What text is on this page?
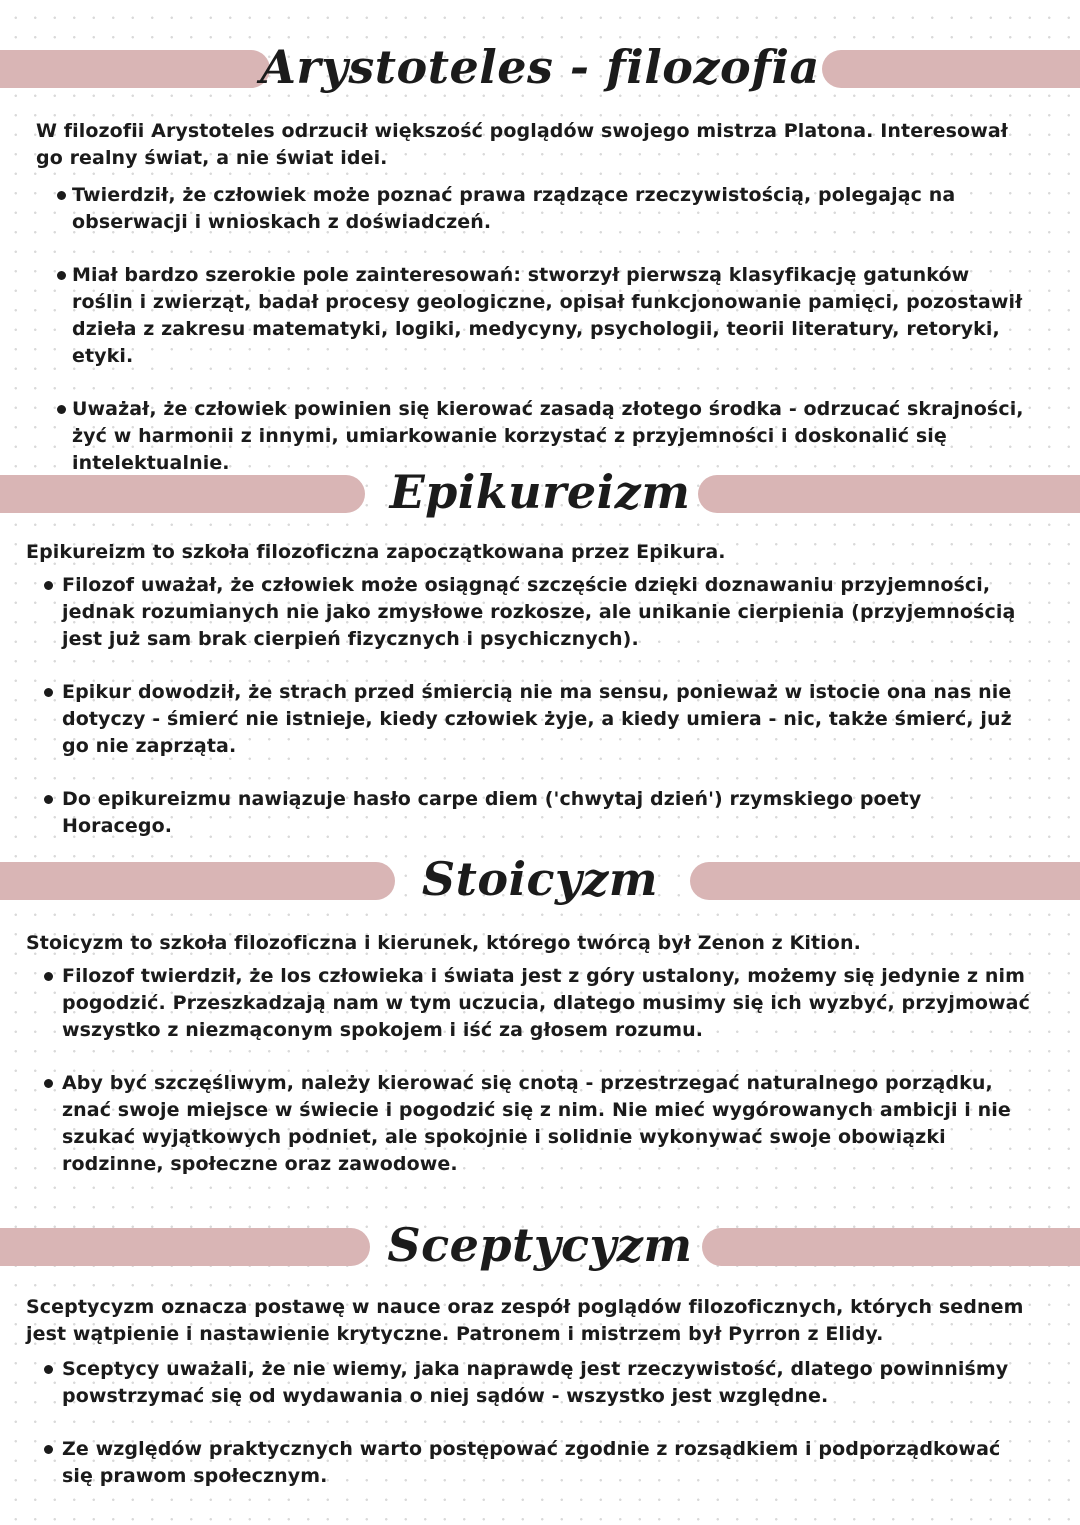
Arystoteles - filozofia

W filozofii Arystoteles odrzucił większość poglądów swojego mistrza Platona. Interesował go realny świat, a nie świat idei.

Twierdził, że człowiek może poznać prawa rządzące rzeczywistością, polegając na obserwacji i wnioskach z doświadczeń.
Miał bardzo szerokie pole zainteresowań: stworzył pierwszą klasyfikację gatunków roślin i zwierząt, badał procesy geologiczne, opisał funkcjonowanie pamięci, pozostawił dzieła z zakresu matematyki, logiki, medycyny, psychologii, teorii literatury, retoryki, etyki.
Uważał, że człowiek powinien się kierować zasadą złotego środka - odrzucać skrajności, żyć w harmonii z innymi, umiarkowanie korzystać z przyjemności i doskonalić się intelektualnie.
Epikureizm

Epikureizm to szkoła filozoficzna zapoczątkowana przez Epikura.

Filozof uważał, że człowiek może osiągnąć szczęście dzięki doznawaniu przyjemności, jednak rozumianych nie jako zmysłowe rozkosze, ale unikanie cierpienia (przyjemnością jest już sam brak cierpień fizycznych i psychicznych).
Epikur dowodził, że strach przed śmiercią nie ma sensu, ponieważ w istocie ona nas nie dotyczy - śmierć nie istnieje, kiedy człowiek żyje, a kiedy umiera - nic, także śmierć, już go nie zaprząta.
Do epikureizmu nawiązuje hasło carpe diem ('chwytaj dzień') rzymskiego poety Horacego.
Stoicyzm

Stoicyzm to szkoła filozoficzna i kierunek, którego twórcą był Zenon z Kition.

Filozof twierdził, że los człowieka i świata jest z góry ustalony, możemy się jedynie z nim pogodzić. Przeszkadzają nam w tym uczucia, dlatego musimy się ich wyzbyć, przyjmować wszystko z niezmąconym spokojem i iść za głosem rozumu.
Aby być szczęśliwym, należy kierować się cnotą - przestrzegać naturalnego porządku, znać swoje miejsce w świecie i pogodzić się z nim. Nie mieć wygórowanych ambicji i nie szukać wyjątkowych podniet, ale spokojnie i solidnie wykonywać swoje obowiązki rodzinne, społeczne oraz zawodowe.
Sceptycyzm

Sceptycyzm oznacza postawę w nauce oraz zespół poglądów filozoficznych, których sednem jest wątpienie i nastawienie krytyczne. Patronem i mistrzem był Pyrron z Elidy.

Sceptycy uważali, że nie wiemy, jaka naprawdę jest rzeczywistość, dlatego powinniśmy powstrzymać się od wydawania o niej sądów - wszystko jest względne.
Ze względów praktycznych warto postępować zgodnie z rozsądkiem i podporządkować się prawom społecznym.
